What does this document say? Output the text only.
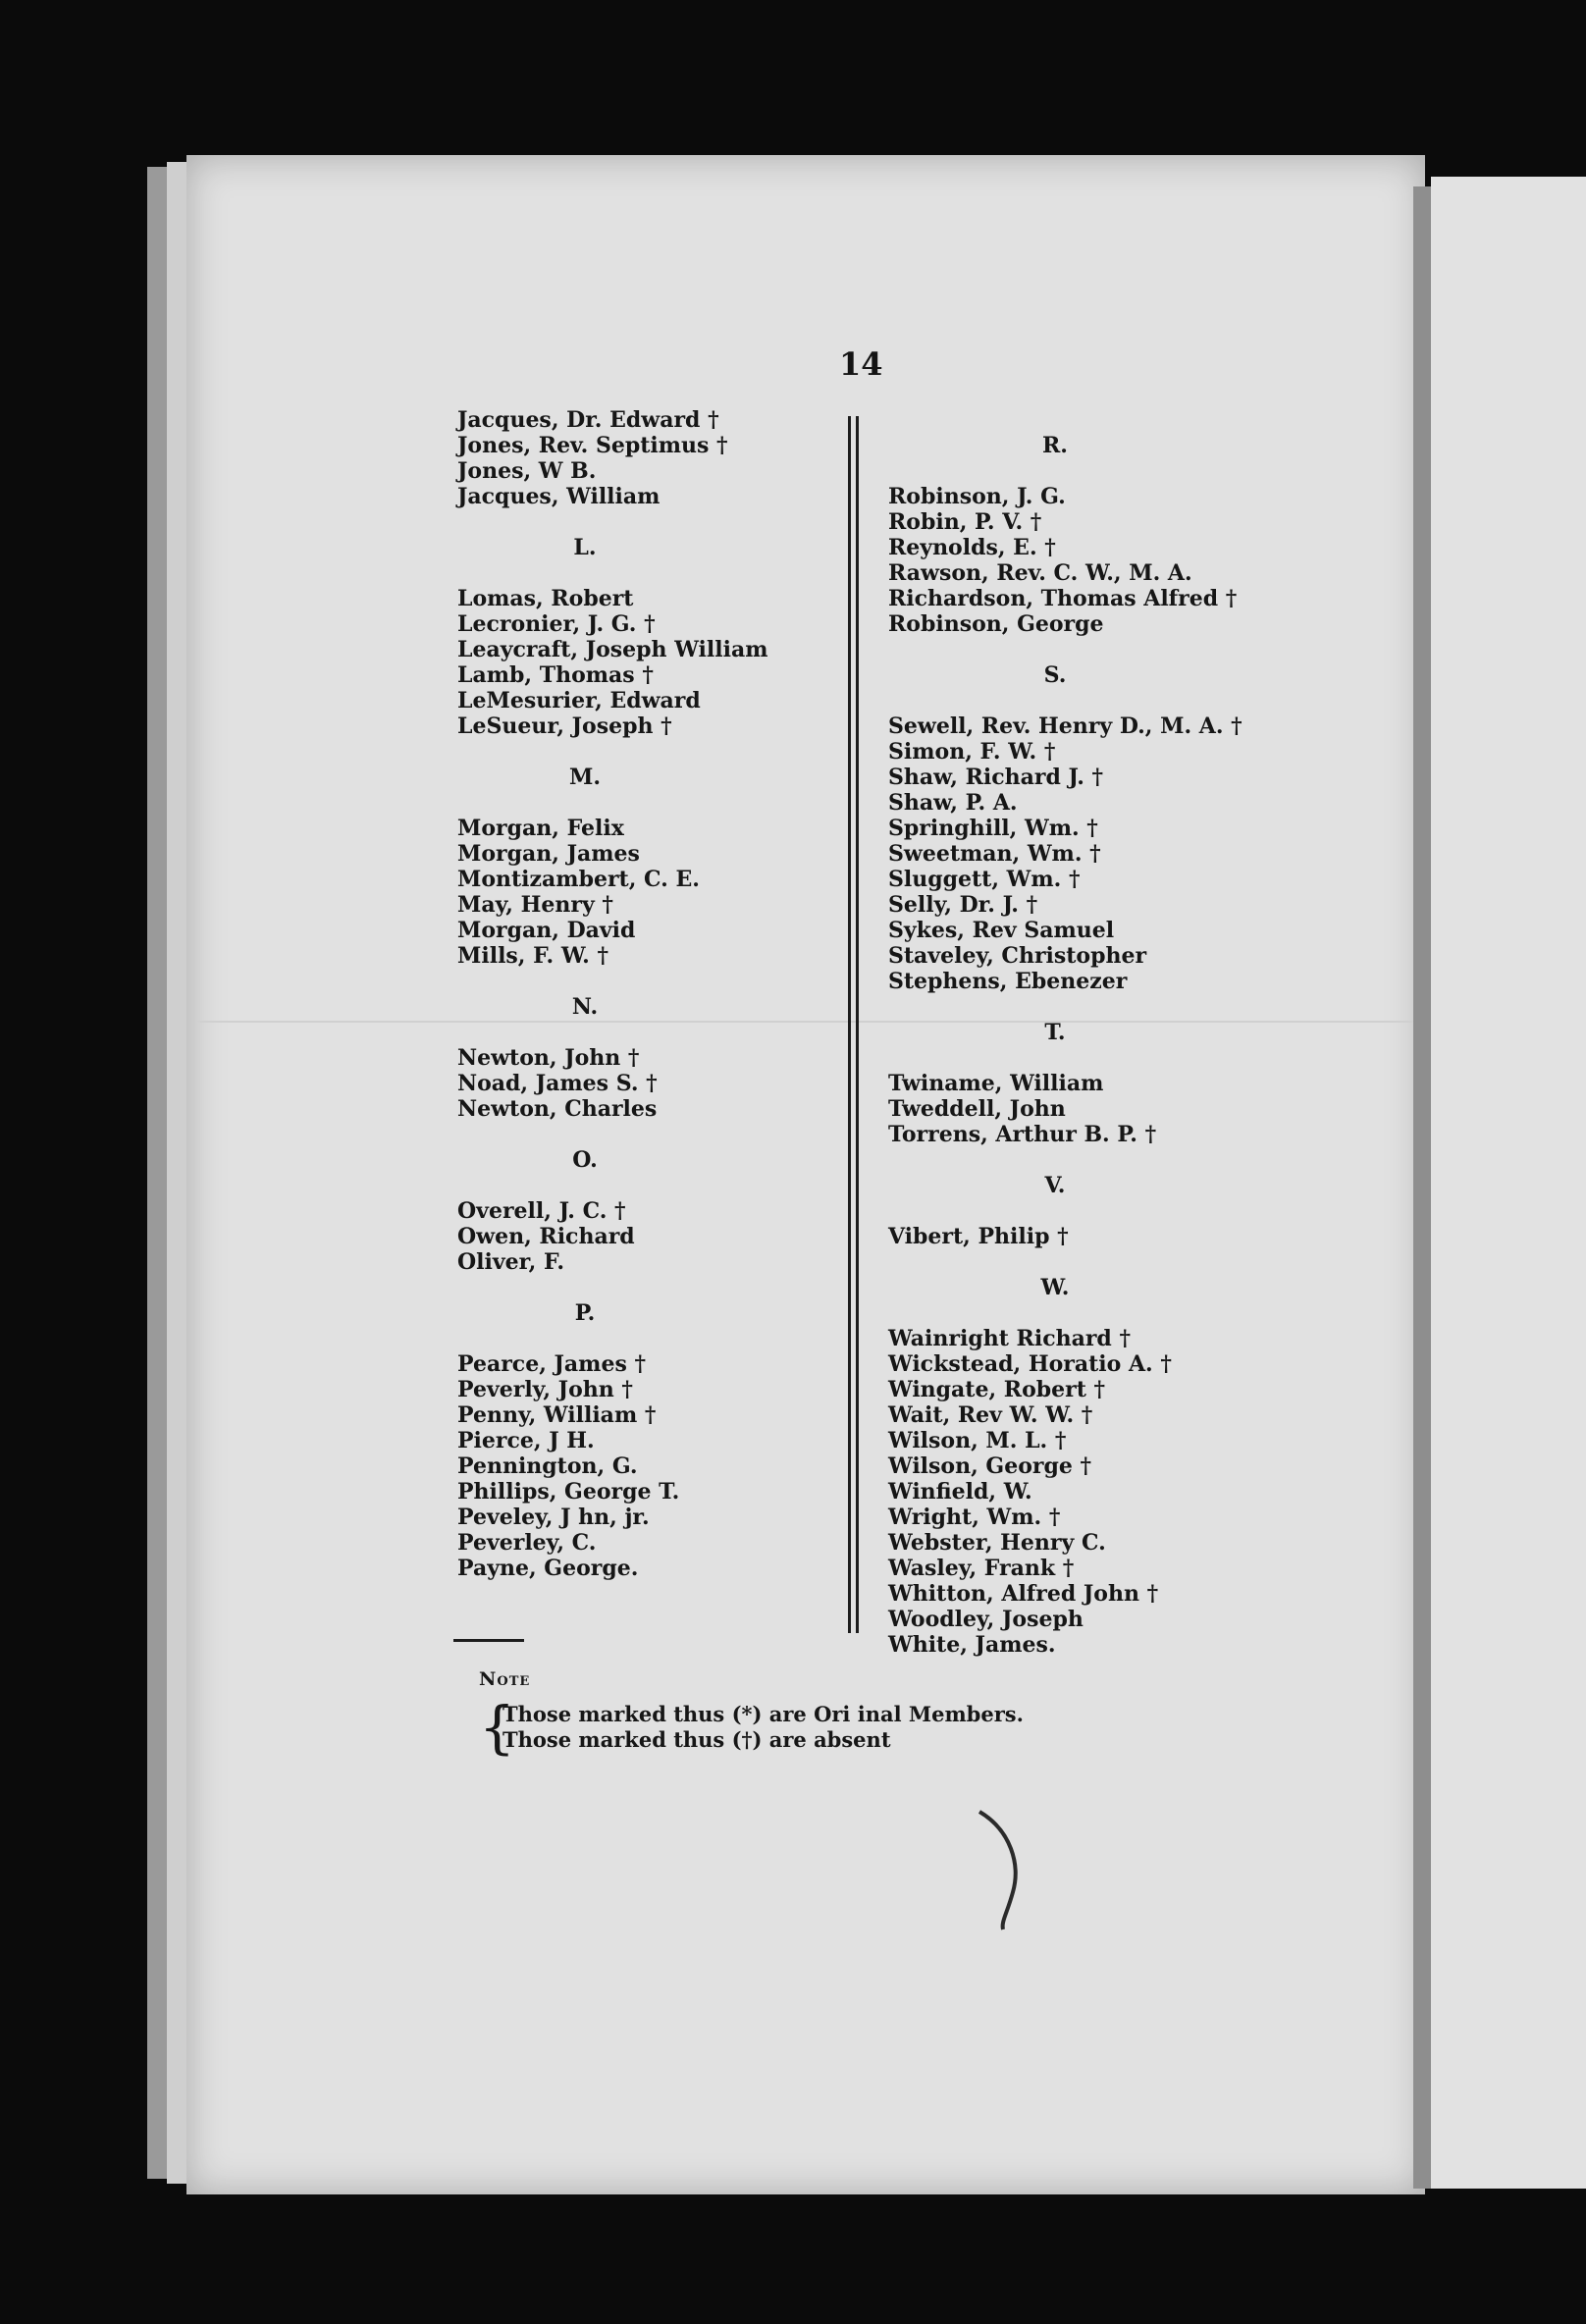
14
Jacques, Dr. Edward †
Jones, Rev. Septimus †
Jones, W B.
Jacques, William
L.
Lomas, Robert
Lecronier, J. G. †
Leaycraft, Joseph William
Lamb, Thomas †
LeMesurier, Edward
LeSueur, Joseph †
M.
Morgan, Felix
Morgan, James
Montizambert, C. E.
May, Henry †
Morgan, David
Mills, F. W. †
N.
Newton, John †
Noad, James S. †
Newton, Charles
O.
Overell, J. C. †
Owen, Richard
Oliver, F.
P.
Pearce, James †
Peverly, John †
Penny, William †
Pierce, J H.
Pennington, G.
Phillips, George T.
Peveley, J hn, jr.
Peverley, C.
Payne, George.
R.
Robinson, J. G.
Robin, P. V. †
Reynolds, E. †
Rawson, Rev. C. W., M. A.
Richardson, Thomas Alfred †
Robinson, George
S.
Sewell, Rev. Henry D., M. A. †
Simon, F. W. †
Shaw, Richard J. †
Shaw, P. A.
Springhill, Wm. †
Sweetman, Wm. †
Sluggett, Wm. †
Selly, Dr. J. †
Sykes, Rev Samuel
Staveley, Christopher
Stephens, Ebenezer
T.
Twiname, William
Tweddell, John
Torrens, Arthur B. P. †
V.
Vibert, Philip †
W.
Wainright Richard †
Wickstead, Horatio A. †
Wingate, Robert †
Wait, Rev W. W. †
Wilson, M. L. †
Wilson, George †
Winfield, W.
Wright, Wm. †
Webster, Henry C.
Wasley, Frank †
Whitton, Alfred John †
Woodley, Joseph
White, James.
Note
{
Those marked thus (*) are Ori inal Members.
Those marked thus (†) are absent
